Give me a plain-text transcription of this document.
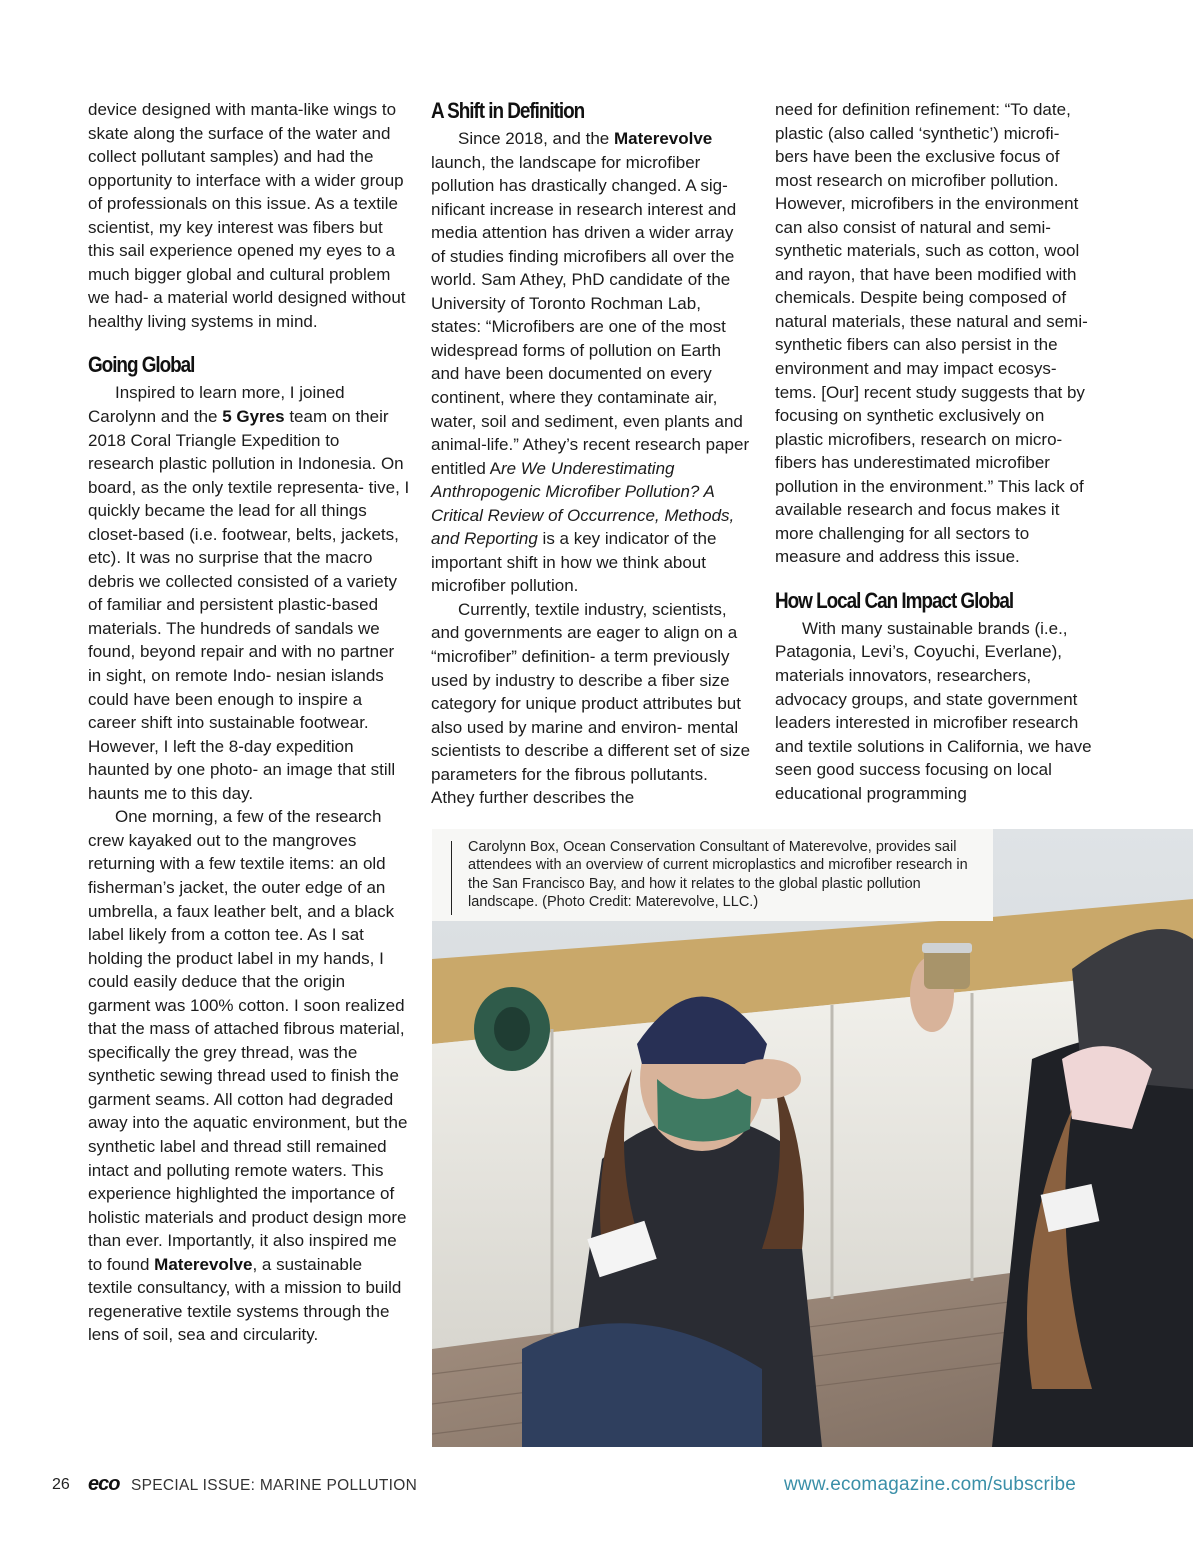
device designed with manta-like wings to skate along the surface of the water and collect pollutant samples) and had the opportunity to interface with a wider group of professionals on this issue. As a textile scientist, my key interest was fibers but this sail experience opened my eyes to a much bigger global and cultural problem we had- a material world designed without healthy living systems in mind.

Going Global

Inspired to learn more, I joined Carolynn and the 5 Gyres team on their 2018 Coral Triangle Expedition to research plastic pollution in Indonesia. On board, as the only textile representa- tive, I quickly became the lead for all things closet-based (i.e. footwear, belts, jackets, etc). It was no surprise that the macro debris we collected consisted of a variety of familiar and persistent plastic-based materials. The hundreds of sandals we found, beyond repair and with no partner in sight, on remote Indo- nesian islands could have been enough to inspire a career shift into sustainable footwear. However, I left the 8-day expedition haunted by one photo- an image that still haunts me to this day.

One morning, a few of the research crew kayaked out to the mangroves returning with a few textile items: an old fisherman’s jacket, the outer edge of an umbrella, a faux leather belt, and a black label likely from a cotton tee. As I sat holding the product label in my hands, I could easily deduce that the origin garment was 100% cotton. I soon realized that the mass of attached fibrous material, specifically the grey thread, was the synthetic sewing thread used to finish the garment seams. All cotton had degraded away into the aquatic environment, but the synthetic label and thread still remained intact and polluting remote waters. This experience highlighted the importance of holistic materials and product design more than ever. Importantly, it also inspired me to found Materevolve, a sustainable textile consultancy, with a mission to build regenerative textile systems through the lens of soil, sea and circularity.

A Shift in Definition

Since 2018, and the Materevolve launch, the landscape for microfiber pollution has drastically changed. A sig- nificant increase in research interest and media attention has driven a wider array of studies finding microfibers all over the world. Sam Athey, PhD candidate of the University of Toronto Rochman Lab, states: “Microfibers are one of the most widespread forms of pollution on Earth and have been documented on every continent, where they contaminate air, water, soil and sediment, even plants and animal-life.” Athey’s recent research paper entitled Are We Underestimating Anthropogenic Microfiber Pollution? A Critical Review of Occurrence, Methods, and Reporting is a key indicator of the important shift in how we think about microfiber pollution.

Currently, textile industry, scientists, and governments are eager to align on a “microfiber” definition- a term previously used by industry to describe a fiber size category for unique product attributes but also used by marine and environ- mental scientists to describe a different set of size parameters for the fibrous pollutants. Athey further describes the

need for definition refinement: “To date, plastic (also called ‘synthetic’) microfi- bers have been the exclusive focus of most research on microfiber pollution. However, microfibers in the environment can also consist of natural and semi- synthetic materials, such as cotton, wool and rayon, that have been modified with chemicals. Despite being composed of natural materials, these natural and semi- synthetic fibers can also persist in the environment and may impact ecosys- tems. [Our] recent study suggests that by focusing on synthetic exclusively on plastic microfibers, research on micro- fibers has underestimated microfiber pollution in the environment.” This lack of available research and focus makes it more challenging for all sectors to measure and address this issue.

How Local Can Impact Global

With many sustainable brands (i.e., Patagonia, Levi’s, Coyuchi, Everlane), materials innovators, researchers, advocacy groups, and state government leaders interested in microfiber research and textile solutions in California, we have seen good success focusing on local educational programming

Carolynn Box, Ocean Conservation Consultant of Materevolve, provides sail attendees with an overview of current microplastics and microfiber research in the San Francisco Bay, and how it relates to the global plastic pollution landscape. (Photo Credit: Materevolve, LLC.)

26 eco SPECIAL ISSUE: MARINE POLLUTION	www.ecomagazine.com/subscribe
